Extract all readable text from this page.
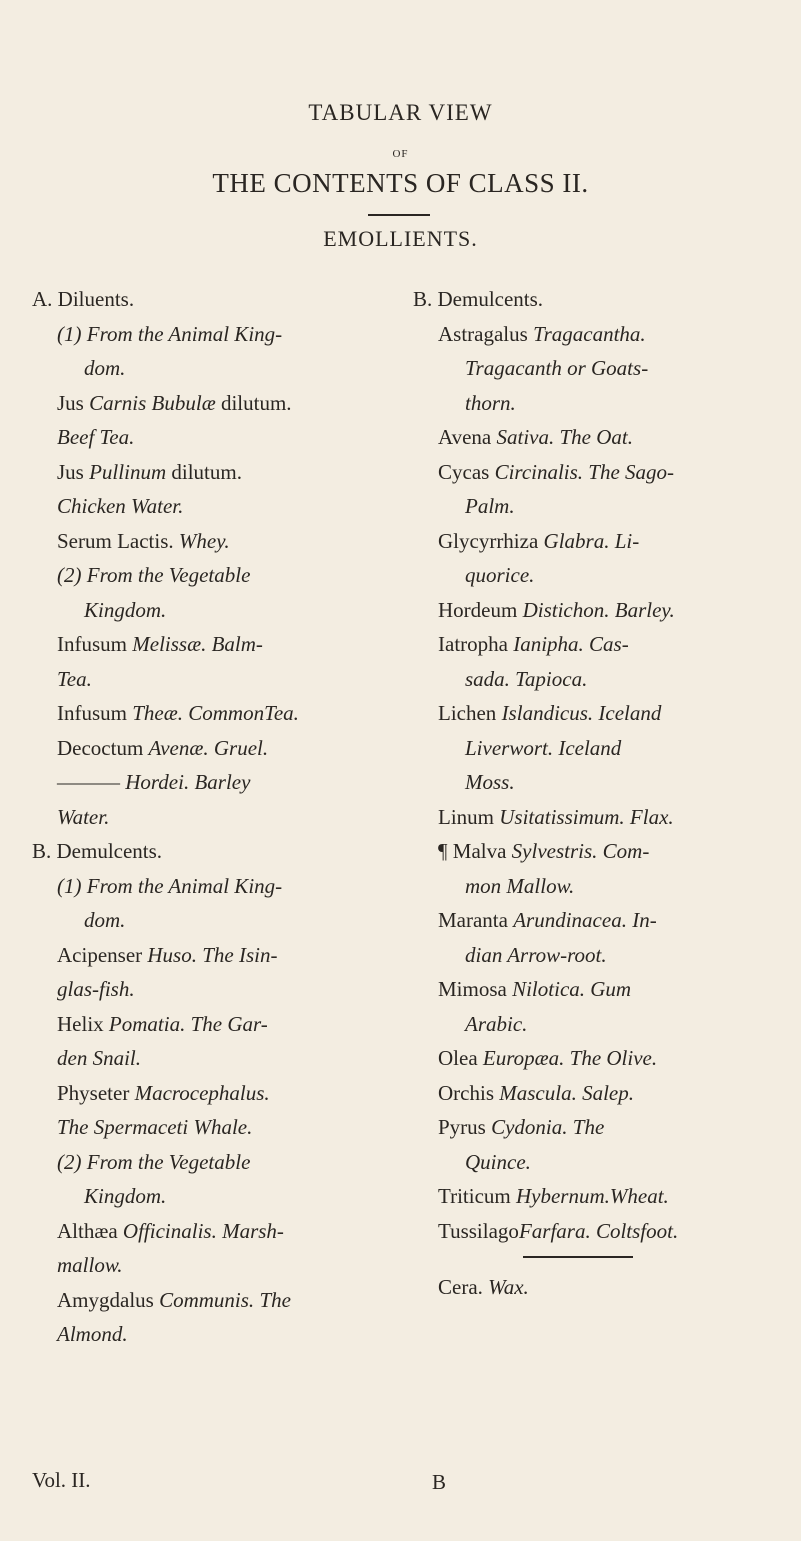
TABULAR VIEW
OF
THE CONTENTS OF CLASS II.
EMOLLIENTS.
A. Diluents.
(1) From the Animal King-
dom.
Jus Carnis Bubulæ dilutum.
Beef Tea.
Jus Pullinum dilutum.
Chicken Water.
Serum Lactis. Whey.
(2) From the Vegetable
Kingdom.
Infusum Melissæ. Balm-
Tea.
Infusum Theæ. CommonTea.
Decoctum Avenæ. Gruel.
——— Hordei. Barley
Water.
B. Demulcents.
(1) From the Animal King-
dom.
Acipenser Huso. The Isin-
glas-fish.
Helix Pomatia. The Gar-
den Snail.
Physeter Macrocephalus.
The Spermaceti Whale.
(2) From the Vegetable
Kingdom.
Althæa Officinalis. Marsh-
mallow.
Amygdalus Communis. The
Almond.
B. Demulcents.
Astragalus Tragacantha.
Tragacanth or Goats-
thorn.
Avena Sativa. The Oat.
Cycas Circinalis. The Sago-
Palm.
Glycyrrhiza Glabra. Li-
quorice.
Hordeum Distichon. Barley.
Iatropha Ianipha. Cas-
sada. Tapioca.
Lichen Islandicus. Iceland
Liverwort. Iceland
Moss.
Linum Usitatissimum. Flax.
¶ Malva Sylvestris. Com-
mon Mallow.
Maranta Arundinacea. In-
dian Arrow-root.
Mimosa Nilotica. Gum
Arabic.
Olea Europæa. The Olive.
Orchis Mascula. Salep.
Pyrus Cydonia. The
Quince.
Triticum Hybernum.Wheat.
TussilagoFarfara. Coltsfoot.
Cera. Wax.
Vol. II.	B
